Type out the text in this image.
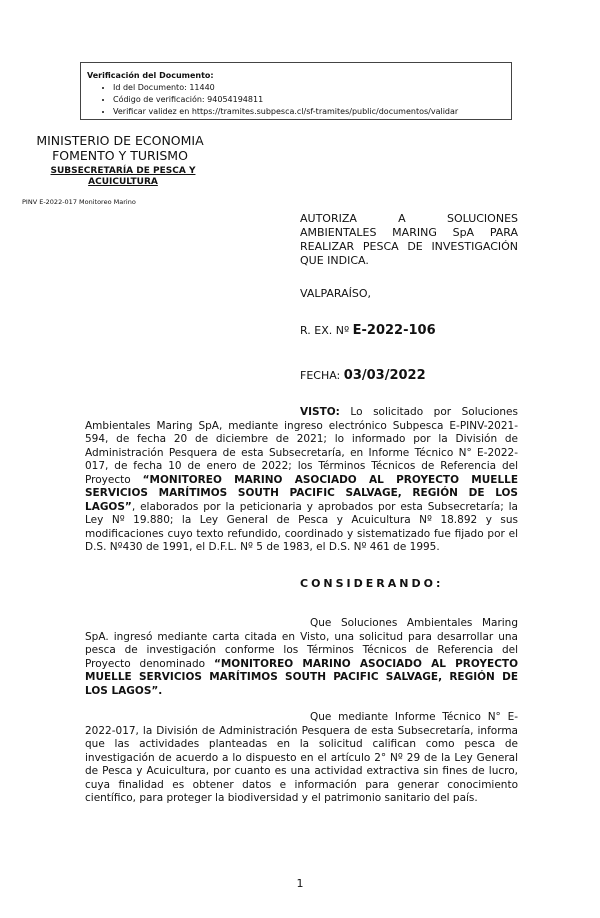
Verificación del Documento:
• Id del Documento: 11440
• Código de verificación: 94054194811
• Verificar validez en https://tramites.subpesca.cl/sf-tramites/public/documentos/validar
MINISTERIO DE ECONOMIA
FOMENTO Y TURISMO
SUBSECRETARÍA DE PESCA Y
ACUICULTURA
PINV E-2022-017 Monitoreo Marino
AUTORIZA A SOLUCIONES AMBIENTALES MARING SpA PARA REALIZAR PESCA DE INVESTIGACIÓN QUE INDICA.
VALPARAÍSO,
R. EX. Nº E-2022-106
FECHA: 03/03/2022
VISTO: Lo solicitado por Soluciones Ambientales Maring SpA, mediante ingreso electrónico Subpesca E-PINV-2021-594, de fecha 20 de diciembre de 2021; lo informado por la División de Administración Pesquera de esta Subsecretaría, en Informe Técnico N° E-2022-017, de fecha 10 de enero de 2022; los Términos Técnicos de Referencia del Proyecto “MONITOREO MARINO ASOCIADO AL PROYECTO MUELLE SERVICIOS MARÍTIMOS SOUTH PACIFIC SALVAGE, REGIÓN DE LOS LAGOS”, elaborados por la peticionaria y aprobados por esta Subsecretaría; la Ley Nº 19.880; la Ley General de Pesca y Acuicultura Nº 18.892 y sus modificaciones cuyo texto refundido, coordinado y sistematizado fue fijado por el D.S. Nº430 de 1991, el D.F.L. Nº 5 de 1983, el D.S. Nº 461 de 1995.
CONSIDERANDO:
Que Soluciones Ambientales Maring SpA. ingresó mediante carta citada en Visto, una solicitud para desarrollar una pesca de investigación conforme los Términos Técnicos de Referencia del Proyecto denominado “MONITOREO MARINO ASOCIADO AL PROYECTO MUELLE SERVICIOS MARÍTIMOS SOUTH PACIFIC SALVAGE, REGIÓN DE LOS LAGOS”.
Que mediante Informe Técnico N° E-2022-017, la División de Administración Pesquera de esta Subsecretaría, informa que las actividades planteadas en la solicitud califican como pesca de investigación de acuerdo a lo dispuesto en el artículo 2° Nº 29 de la Ley General de Pesca y Acuicultura, por cuanto es una actividad extractiva sin fines de lucro, cuya finalidad es obtener datos e información para generar conocimiento científico, para proteger la biodiversidad y el patrimonio sanitario del país.
1
